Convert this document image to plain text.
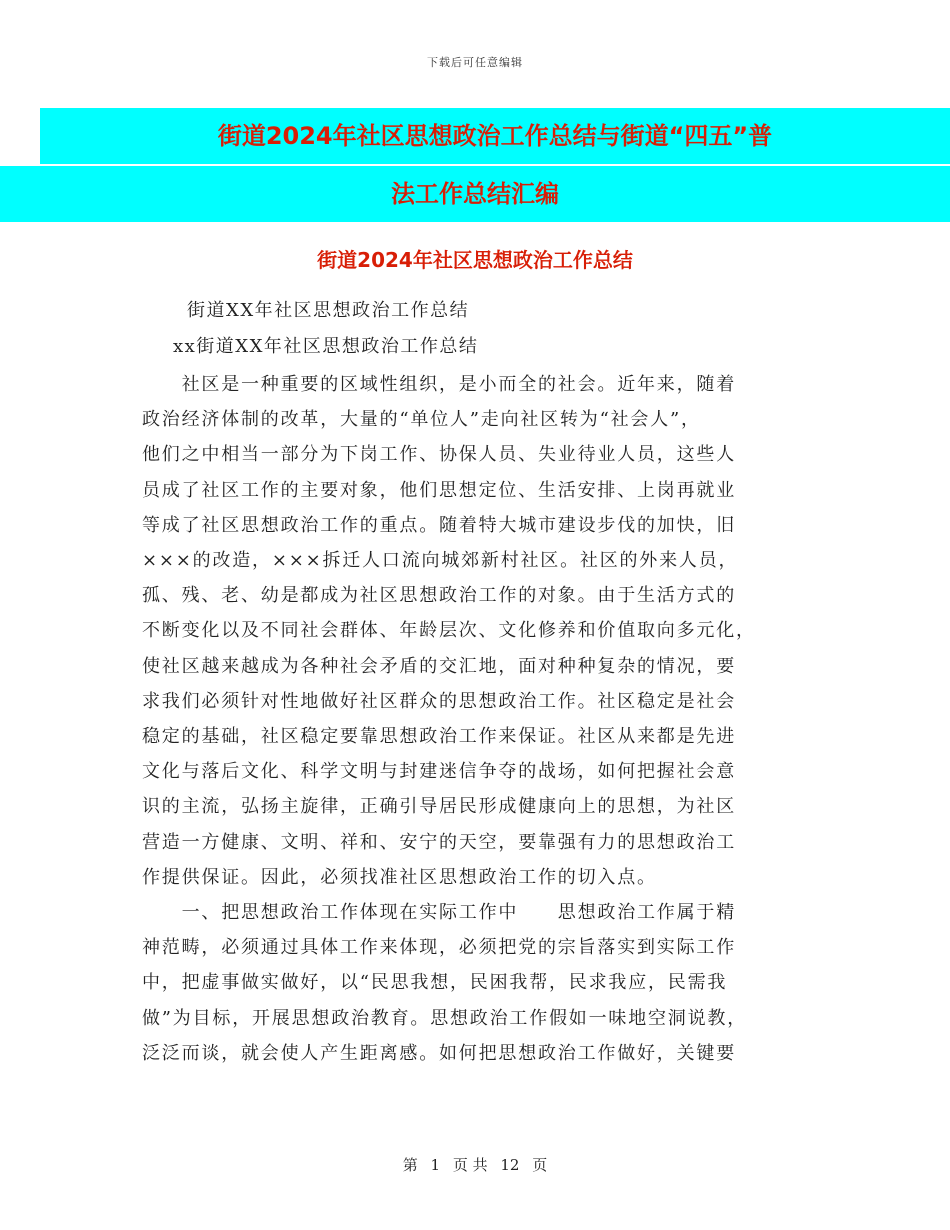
下载后可任意编辑
街道2024年社区思想政治工作总结与街道“四五”普
法工作总结汇编
街道2024年社区思想政治工作总结
街道XX年社区思想政治工作总结
xx街道XX年社区思想政治工作总结

　　社区是一种重要的区域性组织，是小而全的社会。近年来，随着

政治经济体制的改革，大量的“单位人”走向社区转为“社会人”，

他们之中相当一部分为下岗工作、协保人员、失业待业人员，这些人

员成了社区工作的主要对象，他们思想定位、生活安排、上岗再就业

等成了社区思想政治工作的重点。随着特大城市建设步伐的加快，旧

×××的改造，×××拆迁人口流向城郊新村社区。社区的外来人员，

孤、残、老、幼是都成为社区思想政治工作的对象。由于生活方式的

不断变化以及不同社会群体、年龄层次、文化修养和价值取向多元化，

使社区越来越成为各种社会矛盾的交汇地，面对种种复杂的情况，要

求我们必须针对性地做好社区群众的思想政治工作。社区稳定是社会

稳定的基础，社区稳定要靠思想政治工作来保证。社区从来都是先进

文化与落后文化、科学文明与封建迷信争夺的战场，如何把握社会意

识的主流，弘扬主旋律，正确引导居民形成健康向上的思想，为社区

营造一方健康、文明、祥和、安宁的天空，要靠强有力的思想政治工

作提供保证。因此，必须找准社区思想政治工作的切入点。

　　一、把思想政治工作体现在实际工作中　　思想政治工作属于精

神范畴，必须通过具体工作来体现，必须把党的宗旨落实到实际工作

中，把虚事做实做好，以“民思我想，民困我帮，民求我应，民需我

做”为目标，开展思想政治教育。思想政治工作假如一味地空洞说教，

泛泛而谈，就会使人产生距离感。如何把思想政治工作做好，关键要

第 1 页 共 12 页
